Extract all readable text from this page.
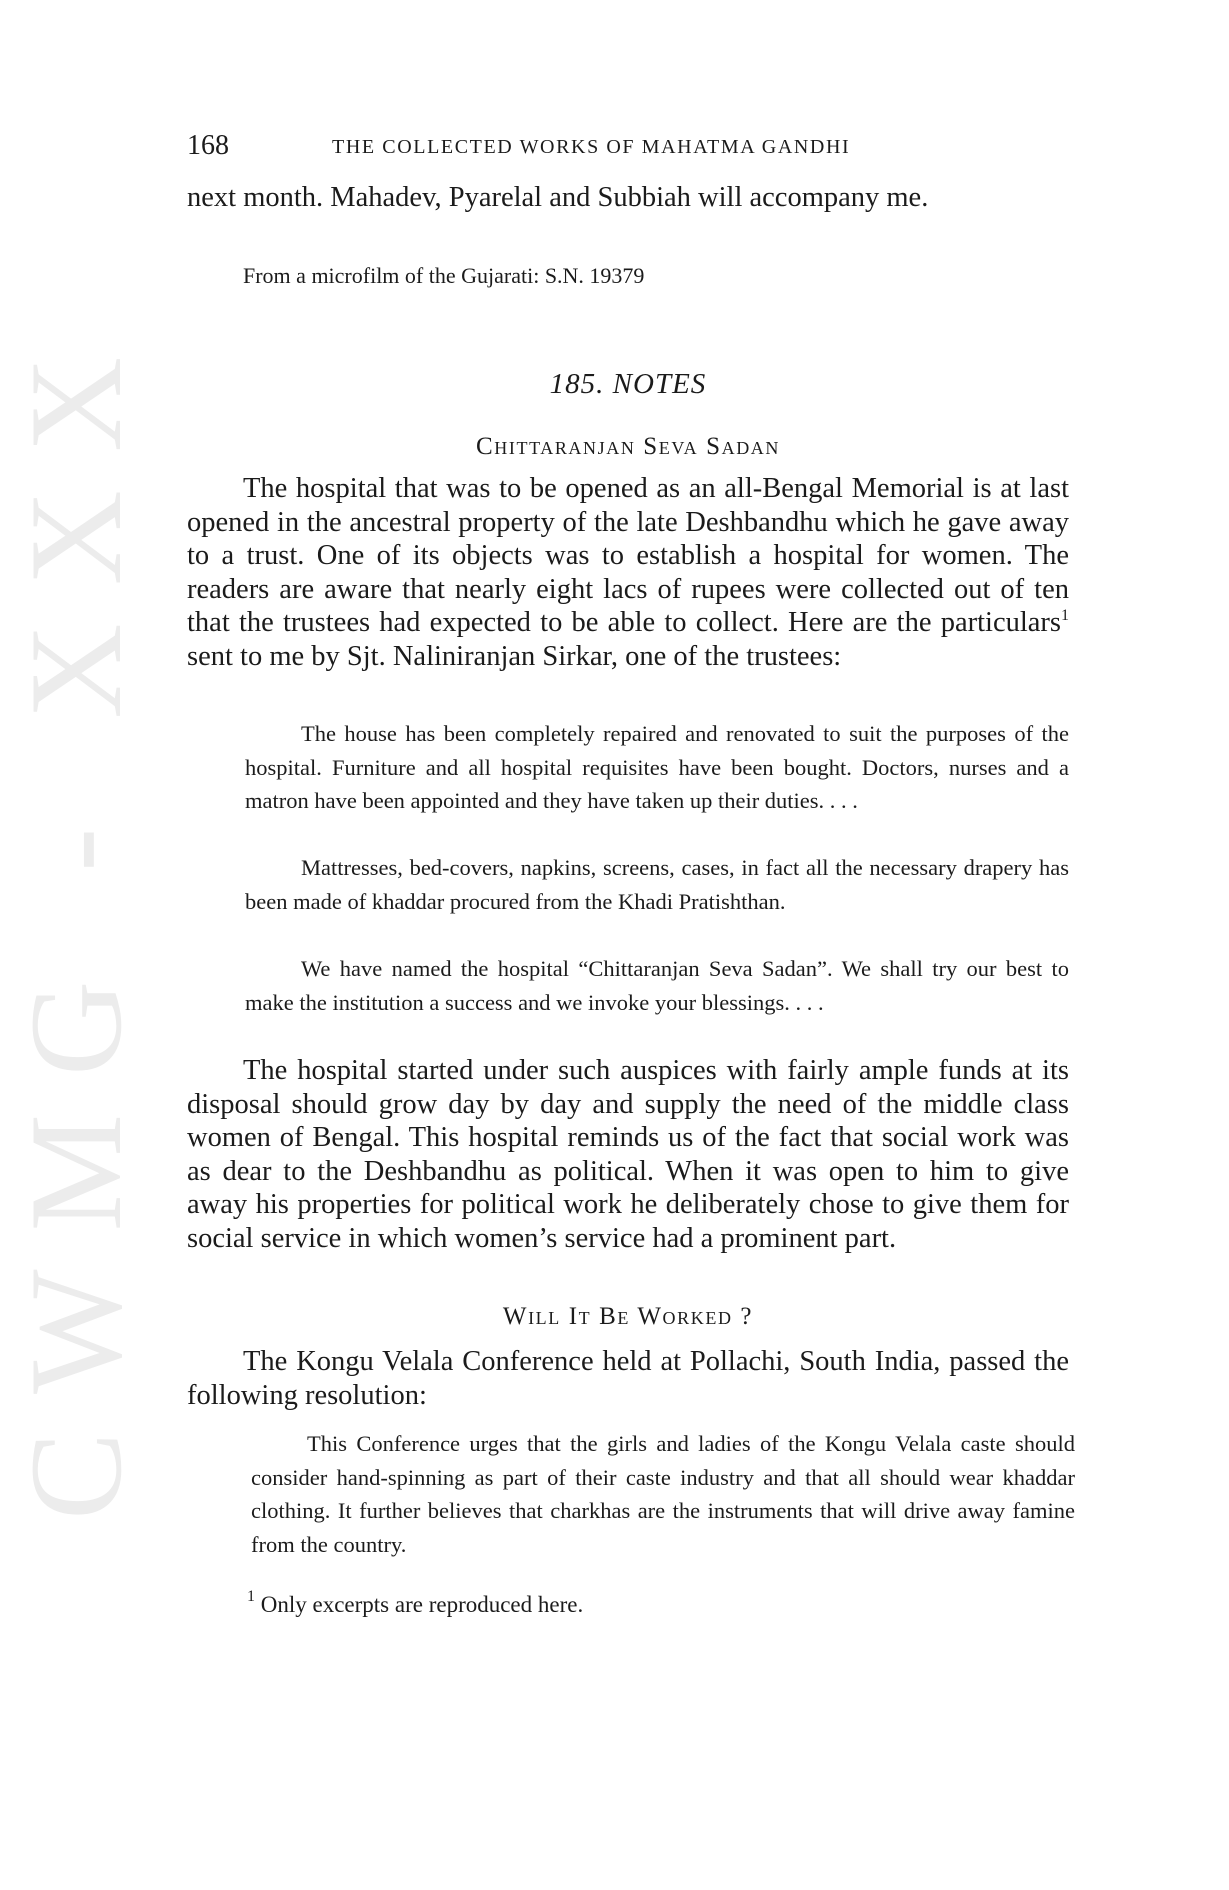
CWMG - XXX
168	THE COLLECTED WORKS OF MAHATMA GANDHI

next month. Mahadev, Pyarelal and Subbiah will accompany me.

From a microfilm of the Gujarati: S.N. 19379
185. NOTES
Chittaranjan Seva Sadan

The hospital that was to be opened as an all-Bengal Memorial is at last opened in the ancestral property of the late Deshbandhu which he gave away to a trust. One of its objects was to establish a hospital for women. The readers are aware that nearly eight lacs of rupees were collected out of ten that the trustees had expected to be able to collect. Here are the particulars$^1$ sent to me by Sjt. Naliniranjan Sirkar, one of the trustees:

The house has been completely repaired and renovated to suit the purposes of the hospital. Furniture and all hospital requisites have been bought. Doctors, nurses and a matron have been appointed and they have taken up their duties. . . .

Mattresses, bed-covers, napkins, screens, cases, in fact all the necessary drapery has been made of khaddar procured from the Khadi Pratishthan.

We have named the hospital “Chittaranjan Seva Sadan”. We shall try our best to make the institution a success and we invoke your blessings. . . .

The hospital started under such auspices with fairly ample funds at its disposal should grow day by day and supply the need of the middle class women of Bengal. This hospital reminds us of the fact that social work was as dear to the Deshbandhu as political. When it was open to him to give away his properties for political work he deliberately chose to give them for social service in which women’s service had a prominent part.

Will It Be Worked ?

The Kongu Velala Conference held at Pollachi, South India, passed the following resolution:

This Conference urges that the girls and ladies of the Kongu Velala caste should consider hand-spinning as part of their caste industry and that all should wear khaddar clothing. It further believes that charkhas are the instruments that will drive away famine from the country.

$^1$ Only excerpts are reproduced here.
